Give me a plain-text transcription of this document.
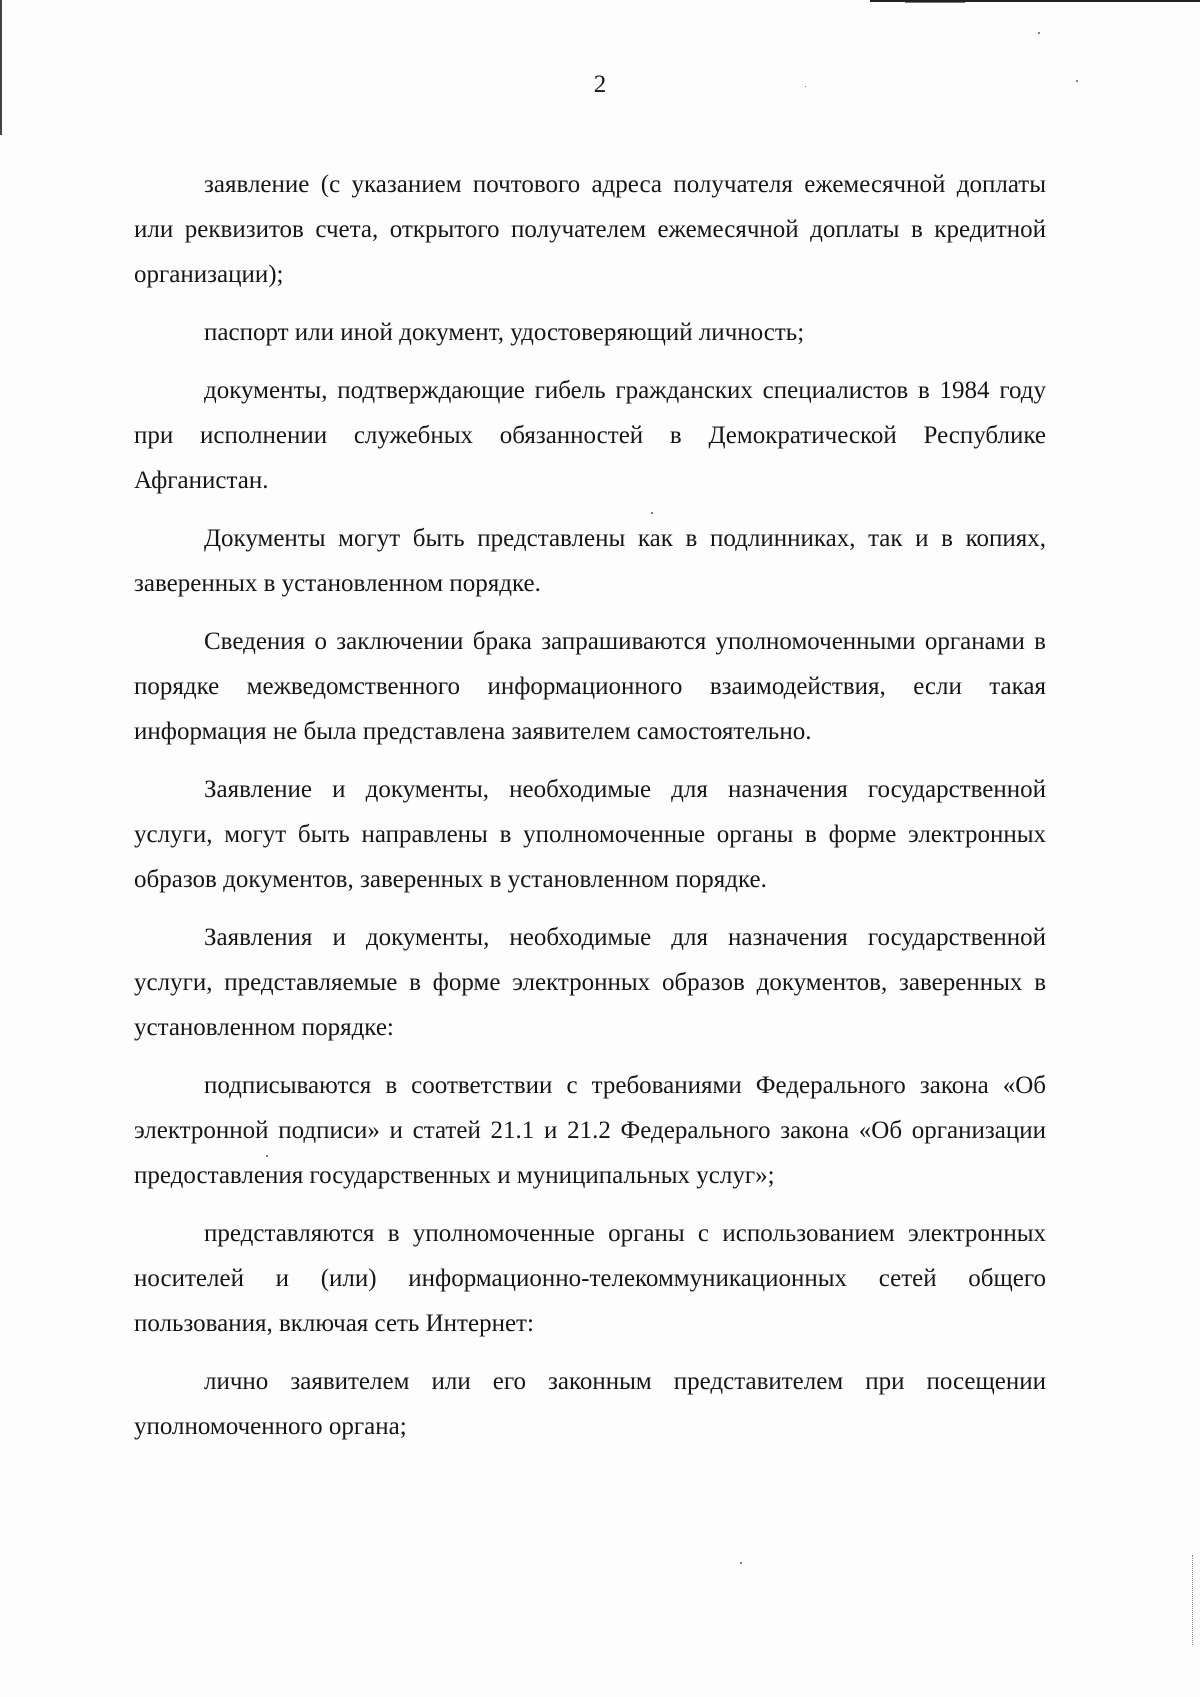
2

заявление (с указанием почтового адреса получателя ежемесячной доплаты или реквизитов счета, открытого получателем ежемесячной доплаты в кредитной организации);

паспорт или иной документ, удостоверяющий личность;

документы, подтверждающие гибель гражданских специалистов в 1984 году при исполнении служебных обязанностей в Демократической Республике Афганистан.

Документы могут быть представлены как в подлинниках, так и в копиях, заверенных в установленном порядке.

Сведения о заключении брака запрашиваются уполномоченными органами в порядке межведомственного информационного взаимодействия, если такая информация не была представлена заявителем самостоятельно.

Заявление и документы, необходимые для назначения государственной услуги, могут быть направлены в уполномоченные органы в форме электронных образов документов, заверенных в установленном порядке.

Заявления и документы, необходимые для назначения государственной услуги, представляемые в форме электронных образов документов, заверенных в установленном порядке:

подписываются в соответствии с требованиями Федерального закона «Об электронной подписи» и статей 21.1 и 21.2 Федерального закона «Об организации предоставления государственных и муниципальных услуг»;

представляются в уполномоченные органы с использованием электронных носителей и (или) информационно-телекоммуникационных сетей общего пользования, включая сеть Интернет:

лично заявителем или его законным представителем при посещении уполномоченного органа;
